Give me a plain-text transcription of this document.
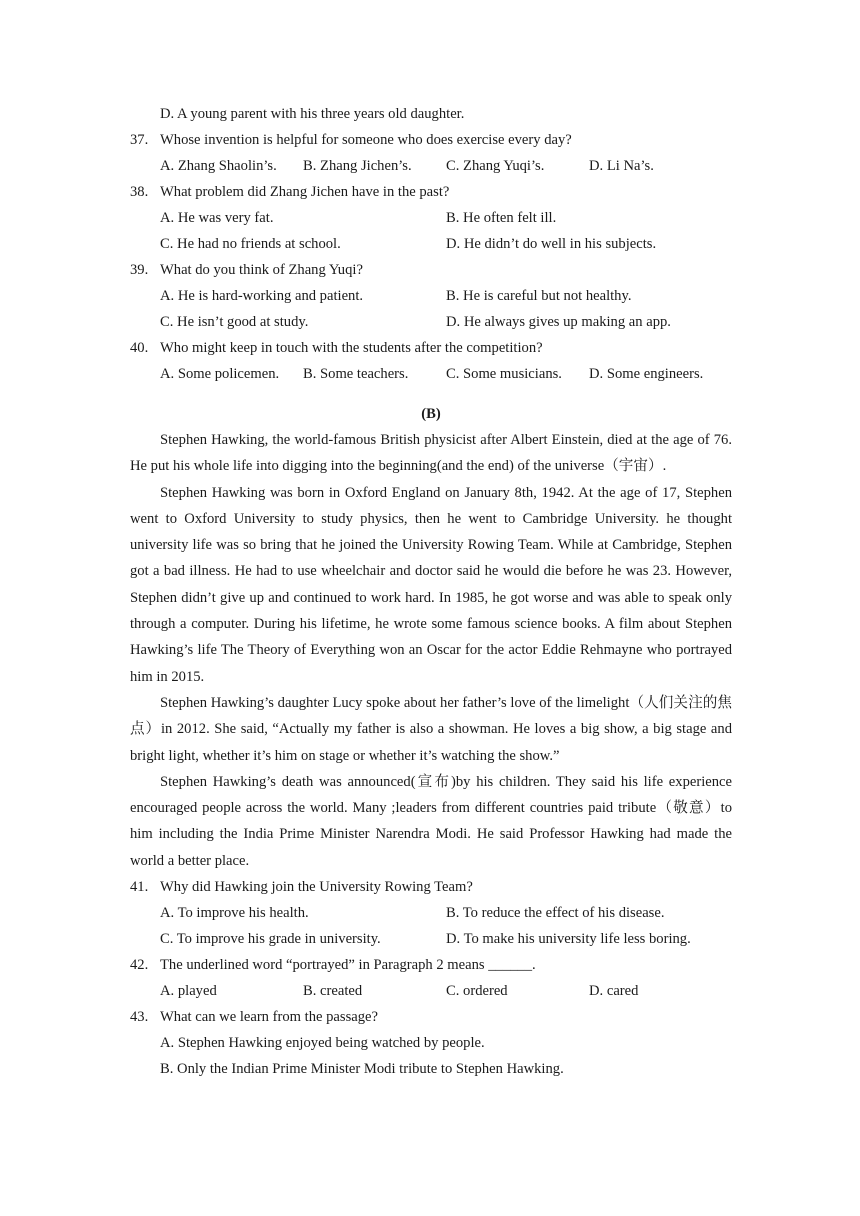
D. A young parent with his three years old daughter.
37. Whose invention is helpful for someone who does exercise every day?
A. Zhang Shaolin’s.	B. Zhang Jichen’s.	C. Zhang Yuqi’s.	D. Li Na’s.
38. What problem did Zhang Jichen have in the past?
A. He was very fat.	B. He often felt ill.
C. He had no friends at school.	D. He didn’t do well in his subjects.
39. What do you think of Zhang Yuqi?
A. He is hard-working and patient.	B. He is careful but not healthy.
C. He isn’t good at study.	D. He always gives up making an app.
40. Who might keep in touch with the students after the competition?
A. Some policemen.	B. Some teachers.	C. Some musicians.	D. Some engineers.
(B)
Stephen Hawking, the world-famous British physicist after Albert Einstein, died at the age of 76. He put his whole life into digging into the beginning(and the end) of the universe（宇宙）.
Stephen Hawking was born in Oxford England on January 8th, 1942. At the age of 17, Stephen went to Oxford University to study physics, then he went to Cambridge University. he thought university life was so bring that he joined the University Rowing Team. While at Cambridge, Stephen got a bad illness. He had to use wheelchair and doctor said he would die before he was 23. However, Stephen didn’t give up and continued to work hard. In 1985, he got worse and was able to speak only through a computer. During his lifetime, he wrote some famous science books. A film about Stephen Hawking’s life The Theory of Everything won an Oscar for the actor Eddie Rehmayne who portrayed him in 2015.
Stephen Hawking’s daughter Lucy spoke about her father’s love of the limelight（人们关注的焦点）in 2012. She said, “Actually my father is also a showman. He loves a big show, a big stage and bright light, whether it’s him on stage or whether it’s watching the show.”
Stephen Hawking’s death was announced(宣布)by his children. They said his life experience encouraged people across the world. Many ;leaders from different countries paid tribute（敬意）to him including the India Prime Minister Narendra Modi. He said Professor Hawking had made the world a better place.
41. Why did Hawking join the University Rowing Team?
A. To improve his health.	B. To reduce the effect of his disease.
C. To improve his grade in university.	D. To make his university life less boring.
42. The underlined word “portrayed” in Paragraph 2 means ______.
A. played	B. created	C. ordered	D. cared
43. What can we learn from the passage?
A. Stephen Hawking enjoyed being watched by people.
B. Only the Indian Prime Minister Modi tribute to Stephen Hawking.
